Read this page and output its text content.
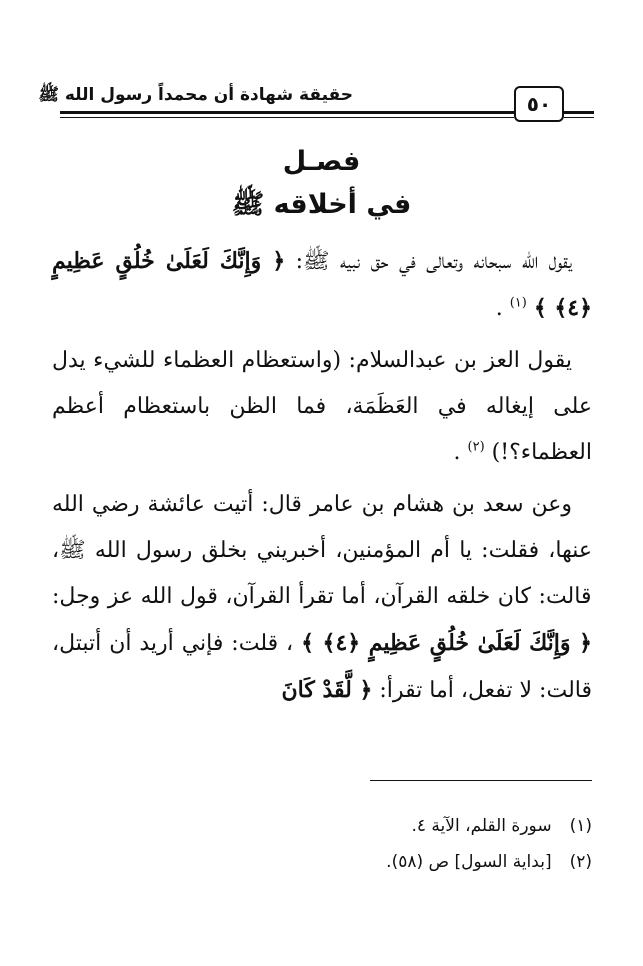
حقيقة شهادة أن محمداً رسول الله ﷺ	٥٠
فصـل
في أخلاقه ﷺ

يقول الله سبحانه وتعالى في حق نبيه ﷺ: ﴿ وَإِنَّكَ لَعَلَىٰ خُلُقٍ عَظِيمٍ ﴿٤﴾ ﴾ $^{(١)}$ .

يقول العز بن عبدالسلام: (واستعظام العظماء للشيء يدل على إيغاله في العَظَمَة، فما الظن باستعظام أعظم العظماء؟!) $^{(٢)}$ .

وعن سعد بن هشام بن عامر قال: أتيت عائشة رضي الله عنها، فقلت: يا أم المؤمنين، أخبريني بخلق رسول الله ﷺ، قالت: كان خلقه القرآن، أما تقرأ القرآن، قول الله عز وجل: ﴿ وَإِنَّكَ لَعَلَىٰ خُلُقٍ عَظِيمٍ ﴿٤﴾ ﴾ ، قلت: فإني أريد أن أتبتل، قالت: لا تفعل، أما تقرأ: ﴿ لَّقَدْ كَانَ

(١)
سورة القلم، الآية ٤.
(٢)
[بداية السول] ص (٥٨).
